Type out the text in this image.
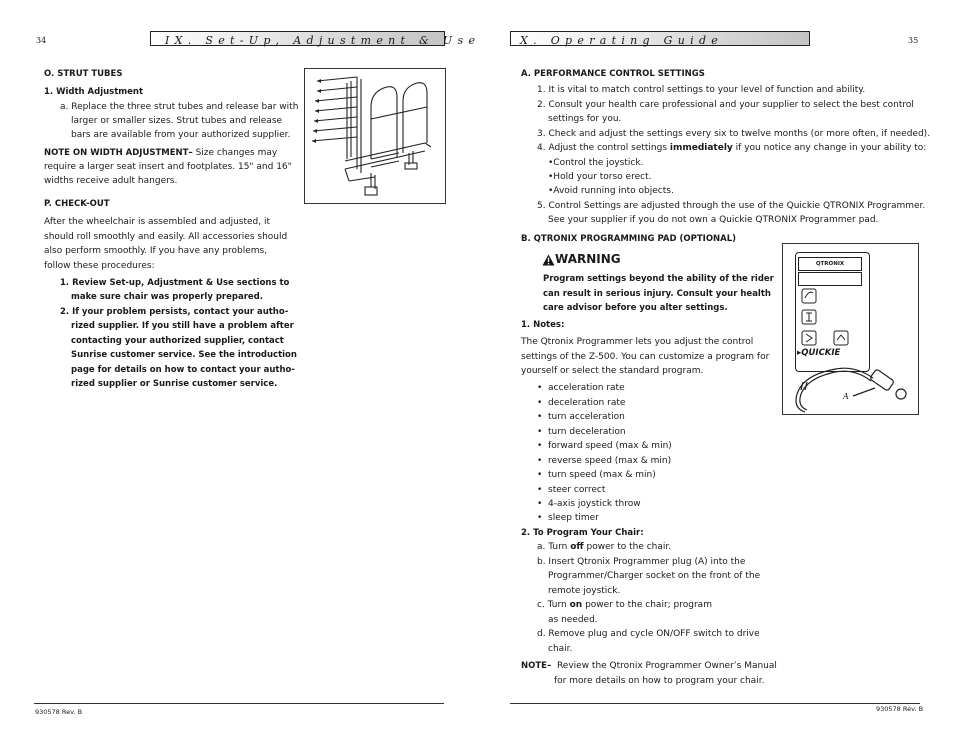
34	IX. Set-Up, Adjustment & Use
O. STRUT TUBES
1. Width Adjustment
a. Replace the three strut tubes and release bar with
larger or smaller sizes. Strut tubes and release
bars are available from your authorized supplier.
NOTE ON WIDTH ADJUSTMENT– Size changes may
require a larger seat insert and footplates. 15" and 16"
widths receive adult hangers.
P. CHECK-OUT
After the wheelchair is assembled and adjusted, it
should roll smoothly and easily. All accessories should
also perform smoothly. If you have any problems,
follow these procedures:
1. Review Set-up, Adjustment & Use sections to
make sure chair was properly prepared.
2. If your problem persists, contact your autho-
rized supplier. If you still have a problem after
contacting your authorized supplier, contact
Sunrise customer service. See the introduction
page for details on how to contact your autho-
rized supplier or Sunrise customer service.
930578 Rev. B
X. Operating Guide	35
A. PERFORMANCE CONTROL SETTINGS
1. It is vital to match control settings to your level of function and ability.
2. Consult your health care professional and your supplier to select the best control
settings for you.
3. Check and adjust the settings every six to twelve months (or more often, if needed).
4. Adjust the control settings immediately if you notice any change in your ability to:
•Control the joystick.
•Hold your torso erect.
•Avoid running into objects.
5. Control Settings are adjusted through the use of the Quickie QTRONIX Programmer.
See your supplier if you do not own a Quickie QTRONIX Programmer pad.
B. QTRONIX PROGRAMMING PAD (OPTIONAL)
WARNING
Program settings beyond the ability of the rider
can result in serious injury. Consult your health
care advisor before you alter settings.
1. Notes:
The Qtronix Programmer lets you adjust the control
settings of the Z-500. You can customize a program for
yourself or select the standard program.
•  acceleration rate
•  deceleration rate
•  turn acceleration
•  turn deceleration
•  forward speed (max & min)
•  reverse speed (max & min)
•  turn speed (max & min)
•  steer correct
•  4-axis joystick throw
•  sleep timer
2. To Program Your Chair:
a. Turn off power to the chair.
b. Insert Qtronix Programmer plug (A) into the
Programmer/Charger socket on the front of the
remote joystick.
c. Turn on power to the chair; program
as needed.
d. Remove plug and cycle ON/OFF switch to drive
chair.
NOTE– Review the Qtronix Programmer Owner’s Manual
for more details on how to program your chair.
QTRONIX
▸QUICKIE
A
930578 Rev. B
